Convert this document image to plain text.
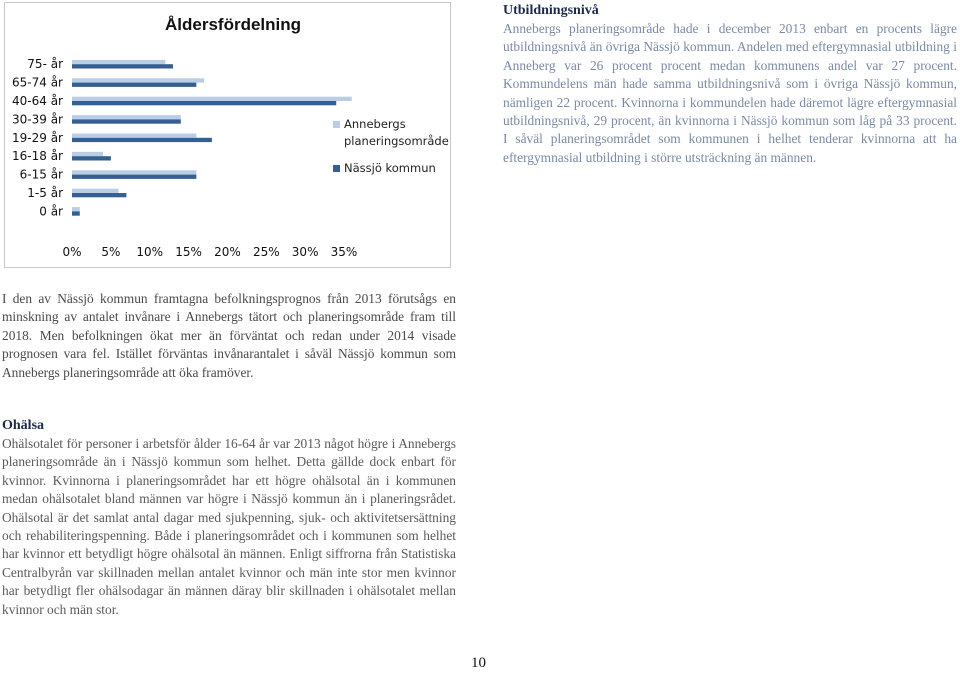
Åldersfördelning
75- år
65-74 år
40-64 år
30-39 år
19-29 år
16-18 år
6-15 år
1-5 år
0 år
0% 5% 10% 15% 20% 25% 30% 35%
Annebergs planeringsområde
Nässjö kommun

Utbildningsnivå

Annebergs planeringsområde hade i december 2013 enbart en procents lägre utbildningsnivå än övriga Nässjö kommun. Andelen med eftergymnasial utbildning i Anneberg var 26 procent procent medan kommunens andel var 27 procent. Kommundelens män hade samma utbildningsnivå som i övriga Nässjö kommun, nämligen 22 procent. Kvinnorna i kommundelen hade däremot lägre eftergymnasial utbildningsnivå, 29 procent, än kvinnorna i Nässjö kommun som låg på 33 procent. I såväl planeringsområdet som kommunen i helhet tenderar kvinnorna att ha eftergymnasial utbildning i större utsträckning än männen.

I den av Nässjö kommun framtagna befolkningsprognos från 2013 förutsågs en minskning av antalet invånare i Annebergs tätort och planeringsområde fram till 2018. Men befolkningen ökat mer än förväntat och redan under 2014 visade prognosen vara fel. Istället förväntas invånarantalet i såväl Nässjö kommun som Annebergs planeringsområde att öka framöver.

Ohälsa

Ohälsotalet för personer i arbetsför ålder 16-64 år var 2013 något högre i Annebergs planeringsområde än i Nässjö kommun som helhet. Detta gällde dock enbart för kvinnor. Kvinnorna i planeringsområdet har ett högre ohälsotal än i kommunen medan ohälsotalet bland männen var högre i Nässjö kommun än i planeringsrådet. Ohälsotal är det samlat antal dagar med sjukpenning, sjuk- och aktivitetsersättning och rehabiliteringspenning. Både i planeringsområdet och i kommunen som helhet har kvinnor ett betydligt högre ohälsotal än männen. Enligt siffrorna från Statistiska Centralbyrån var skillnaden mellan antalet kvinnor och män inte stor men kvinnor har betydligt fler ohälsodagar än männen däray blir skillnaden i ohälsotalet mellan kvinnor och män stor.

10
